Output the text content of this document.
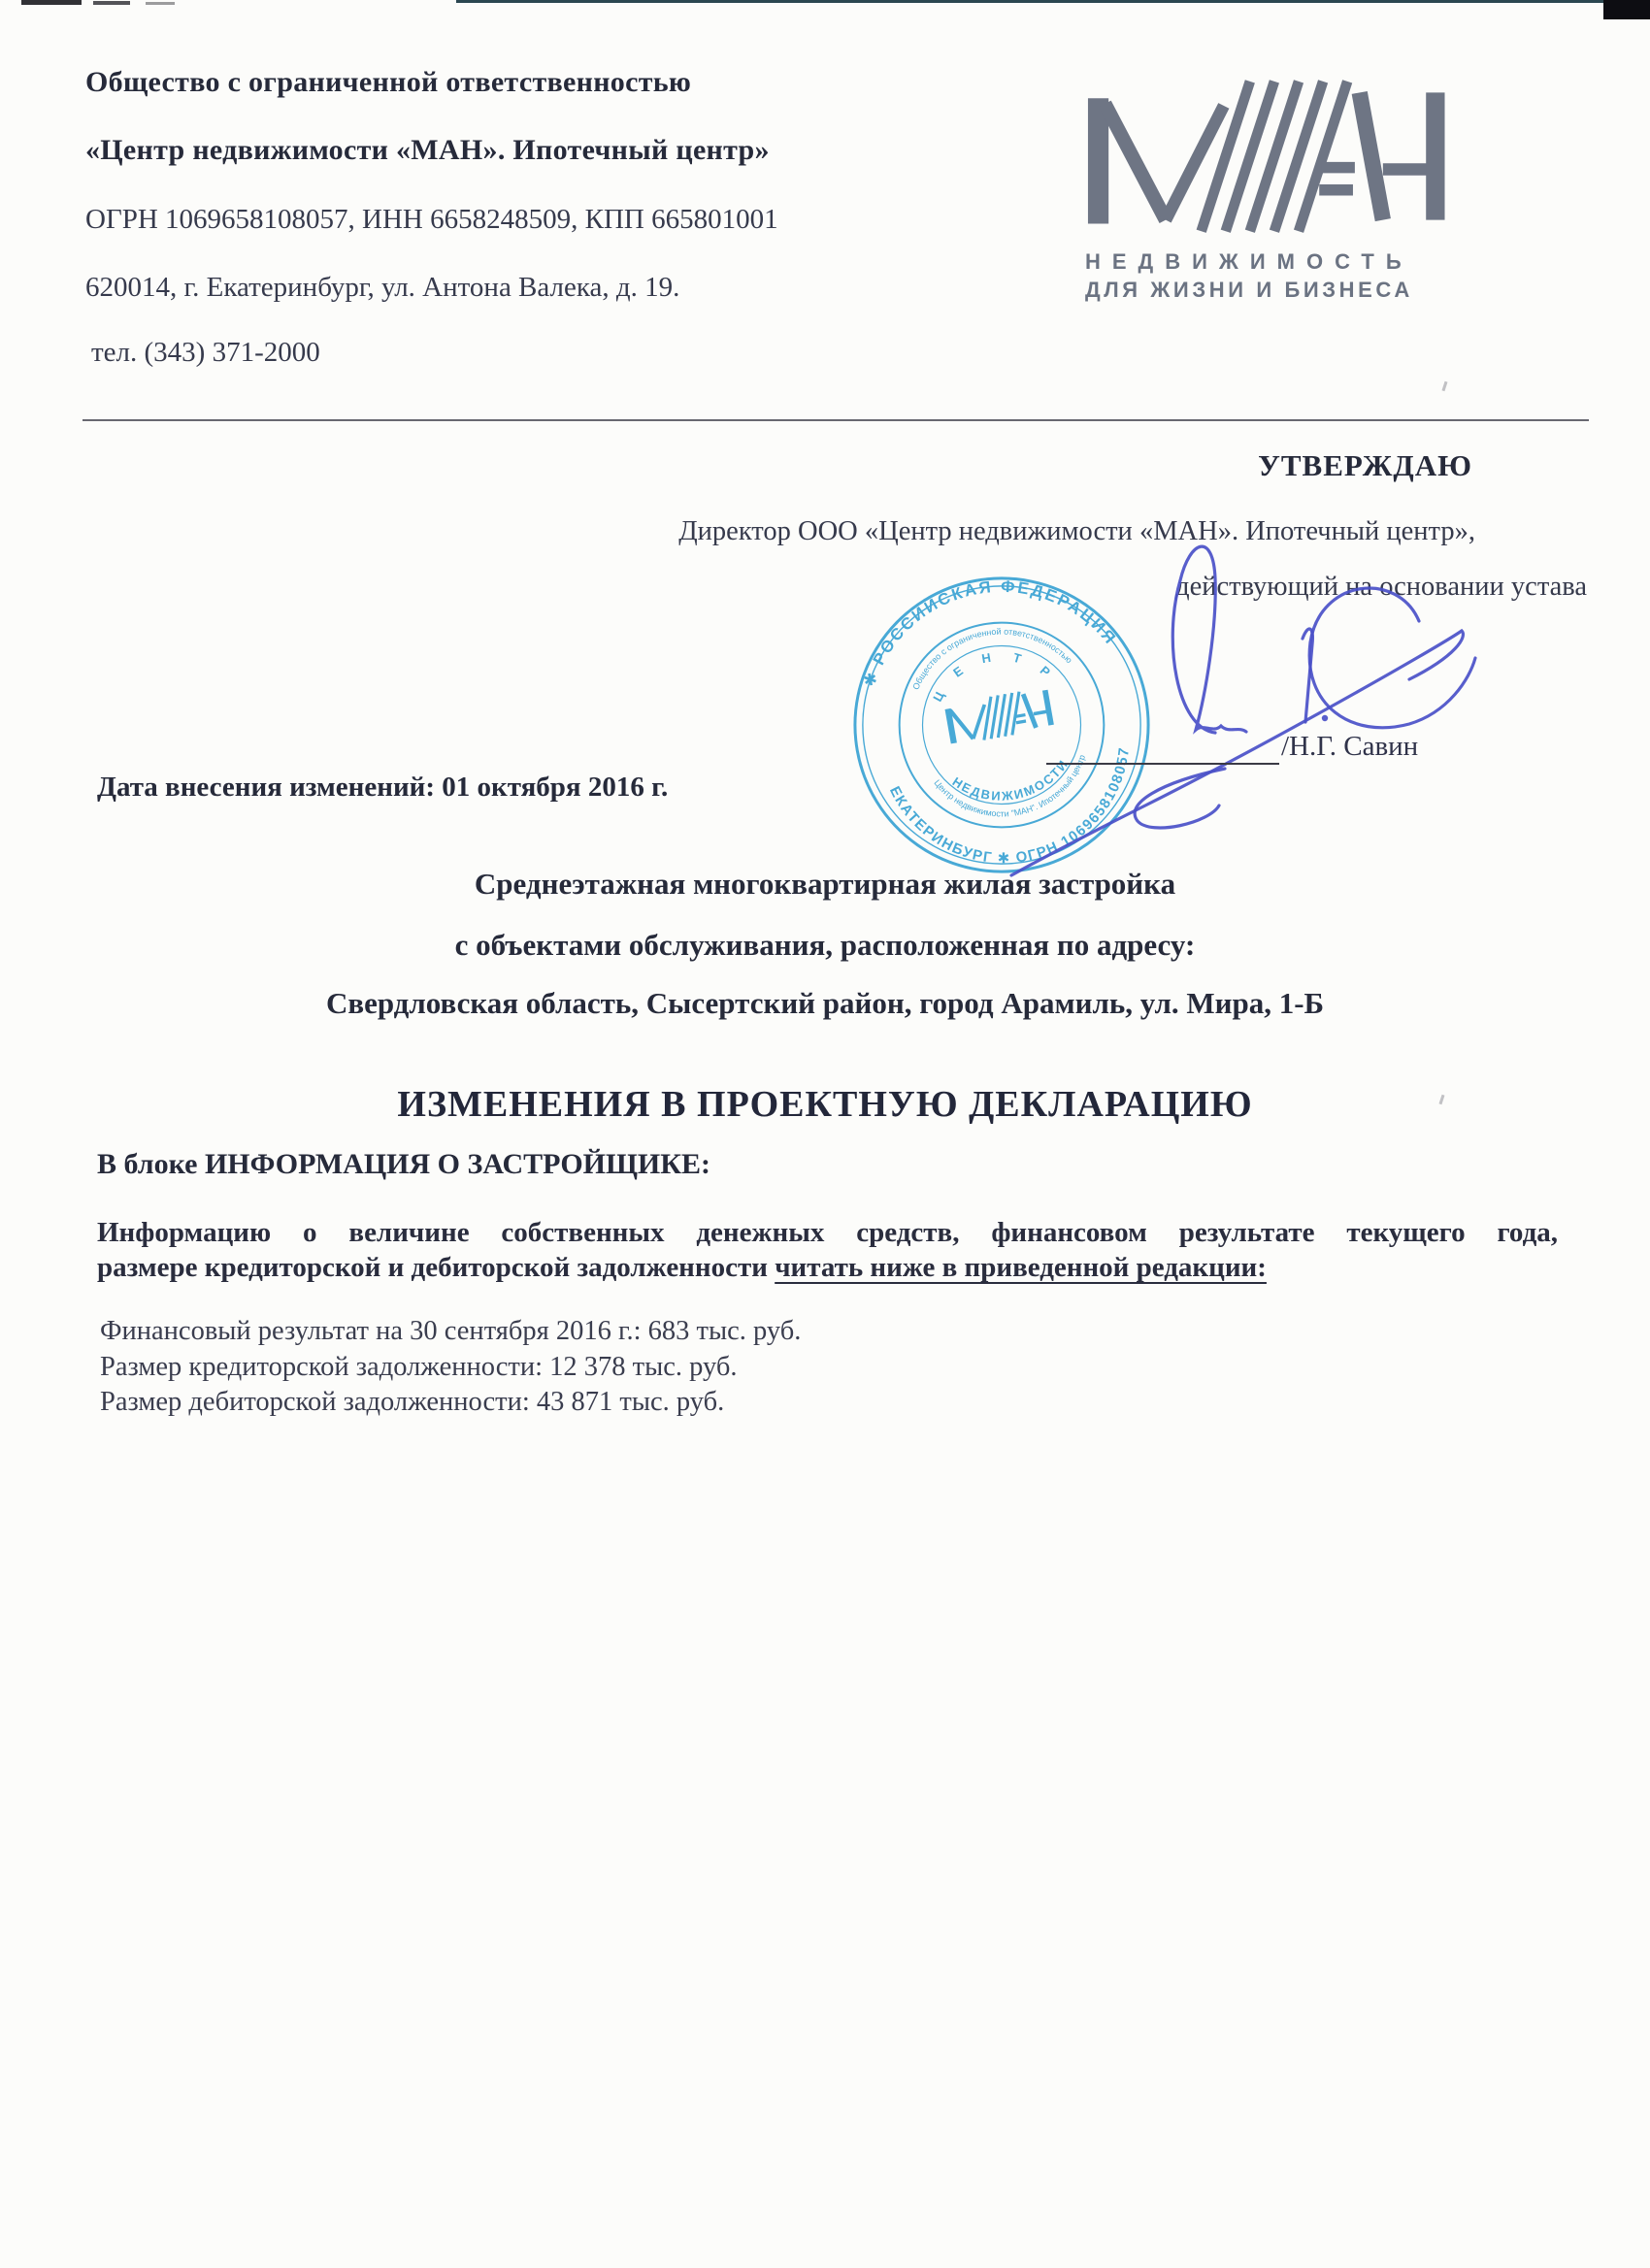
Общество с ограниченной ответственностью
«Центр недвижимости «МАН». Ипотечный центр»
ОГРН 1069658108057, ИНН 6658248509, КПП 665801001
620014, г. Екатеринбург, ул. Антона Валека, д. 19.
тел. (343) 371-2000
НЕДВИЖИМОСТЬ
ДЛЯ ЖИЗНИ И БИЗНЕСА
УТВЕРЖДАЮ
Директор ООО «Центр недвижимости «МАН». Ипотечный центр»,
действующий на основании устава
✱ РОССИЙСКАЯ ФЕДЕРАЦИЯ
ЕКАТЕРИНБУРГ ✱ ОГРН 1069658108057
Общество с ограниченной ответственностью
Центр недвижимости "МАН". Ипотечный центр
Ц Е Н Т Р
НЕДВИЖИМОСТИ
/Н.Г. Савин
Дата внесения изменений: 01 октября 2016 г.
Среднеэтажная многоквартирная жилая застройка
с объектами обслуживания, расположенная по адресу:
Свердловская область, Сысертский район, город Арамиль, ул. Мира, 1-Б
ИЗМЕНЕНИЯ В ПРОЕКТНУЮ ДЕКЛАРАЦИЮ
В блоке ИНФОРМАЦИЯ О ЗАСТРОЙЩИКЕ:
Информацию о величине собственных денежных средств, финансовом результате текущего года,
размере кредиторской и дебиторской задолженности читать ниже в приведенной редакции:
Финансовый результат на 30 сентября 2016 г.: 683 тыс. руб.
Размер кредиторской задолженности: 12 378 тыс. руб.
Размер дебиторской задолженности: 43 871 тыс. руб.
